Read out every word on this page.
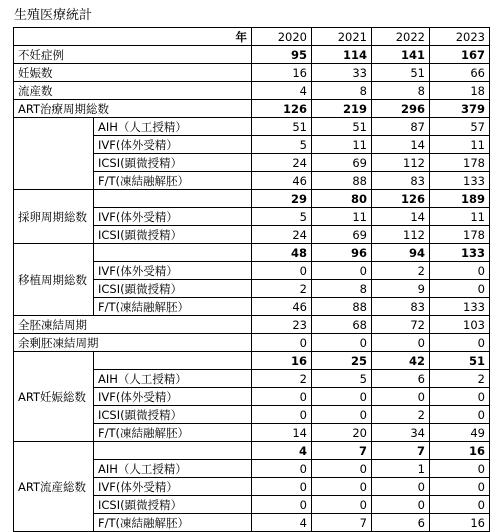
生殖医療統計
年		2020	2021	2022	2023
不妊症例		95	114	141	167
妊娠数		16	33	51	66
流産数		4	8	8	18
ART治療周期総数		126	219	296	379
	AIH（人工授精）	51	51	87	57
	IVF(体外受精）	5	11	14	11
	ICSI(顕微授精）	24	69	112	178
	F/T(凍結融解胚）	46	88	83	133
採卵周期総数		29	80	126	189
	IVF(体外受精）	5	11	14	11
	ICSI(顕微授精）	24	69	112	178
移植周期総数		48	96	94	133
	IVF(体外受精）	0	0	2	0
	ICSI(顕微授精）	2	8	9	0
	F/T(凍結融解胚）	46	88	83	133
全胚凍結周期		23	68	72	103
余剰胚凍結周期		0	0	0	0
ART妊娠総数		16	25	42	51
	AIH（人工授精）	2	5	6	2
	IVF(体外受精）	0	0	0	0
	ICSI(顕微授精）	0	0	2	0
	F/T(凍結融解胚）	14	20	34	49
ART流産総数		4	7	7	16
	AIH（人工授精）	0	0	1	0
	IVF(体外受精）	0	0	0	0
	ICSI(顕微授精）	0	0	0	0
	F/T(凍結融解胚）	4	7	6	16
